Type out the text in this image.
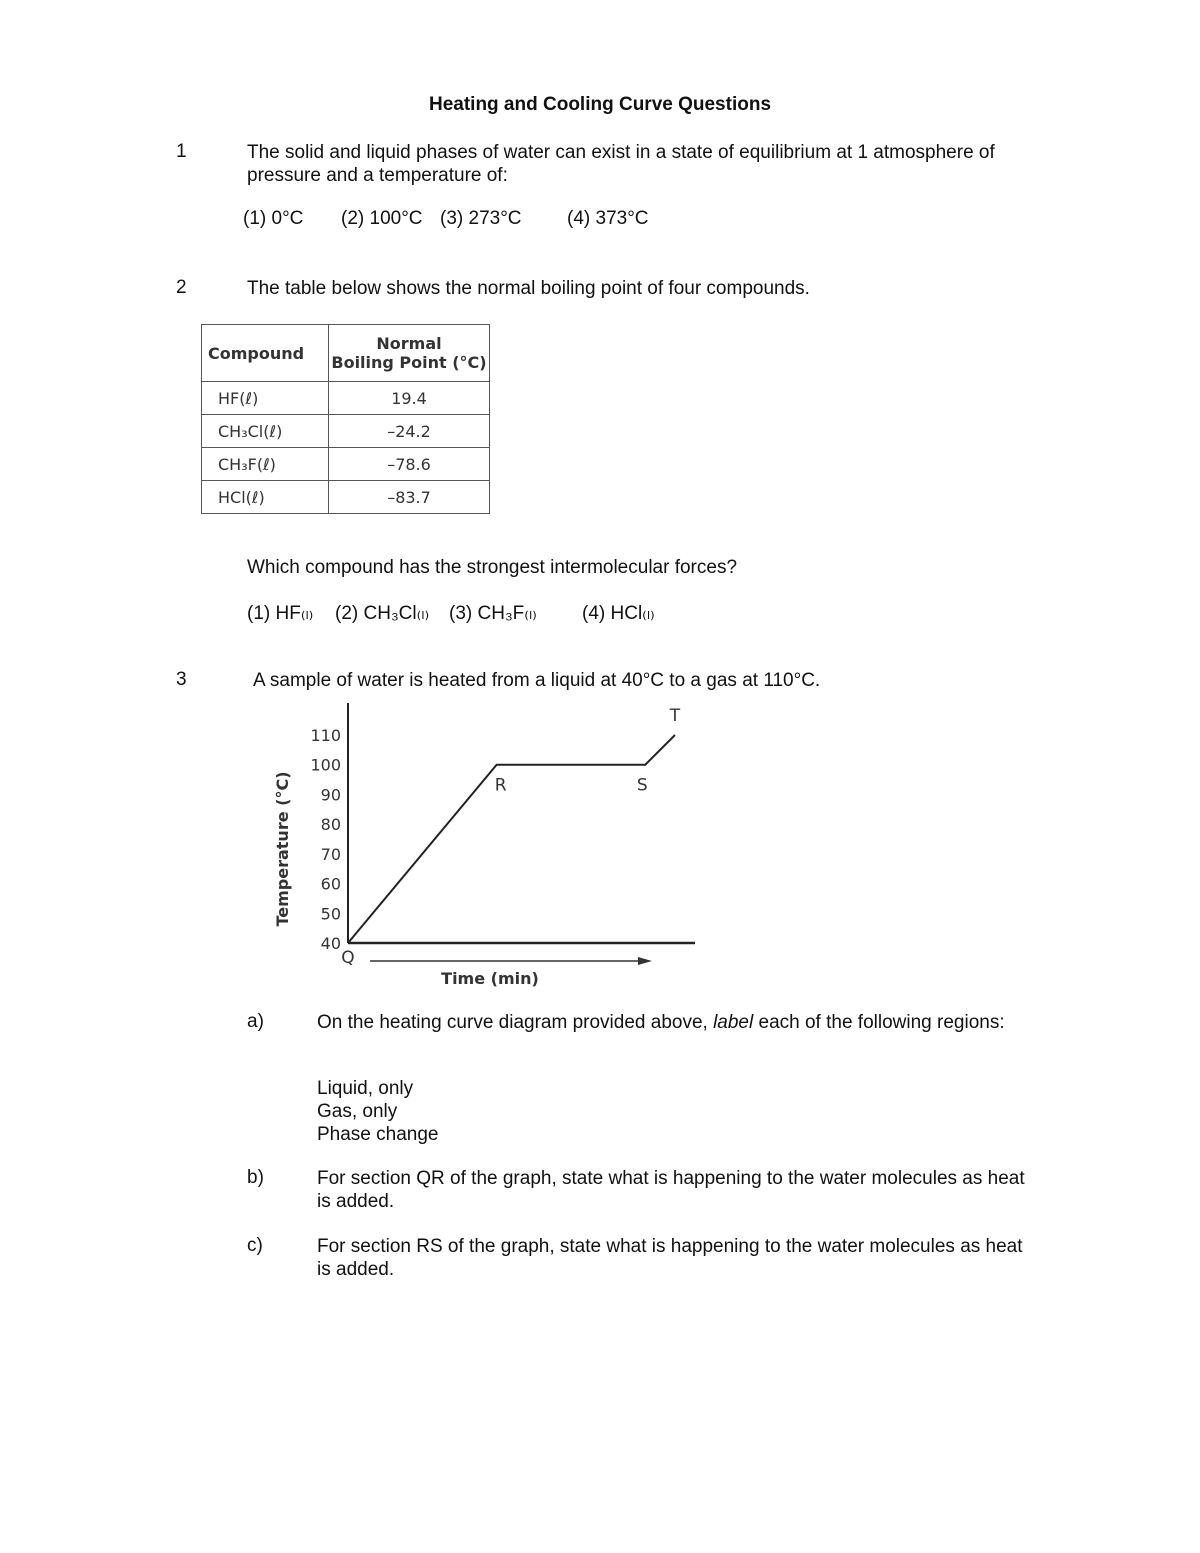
Heating and Cooling Curve Questions
1	The solid and liquid phases of water can exist in a state of equilibrium at 1 atmosphere of pressure and a temperature of:
(1) 0°C (2) 100°C (3) 273°C (4) 373°C
2	The table below shows the normal boiling point of four compounds.
Compound	Normal
Boiling Point (°C)

HF(ℓ)	19.4
CH₃Cl(ℓ)	–24.2
CH₃F(ℓ)	–78.6
HCl(ℓ)	–83.7
Which compound has the strongest intermolecular forces?
(1) HF₍ₗ₎ (2) CH₃Cl₍ₗ₎ (3) CH₃F₍ₗ₎ (4) HCl₍ₗ₎
3	A sample of water is heated from a liquid at 40°C to a gas at 110°C.
40
50
60
70
80
90
100
110
Q
R	S
T
Temperature (°C)
Time (min)
a)	On the heating curve diagram provided above, label each of the following regions:
Liquid, only
Gas, only
Phase change
b)	For section QR of the graph, state what is happening to the water molecules as heat is added.
c)	For section RS of the graph, state what is happening to the water molecules as heat is added.
